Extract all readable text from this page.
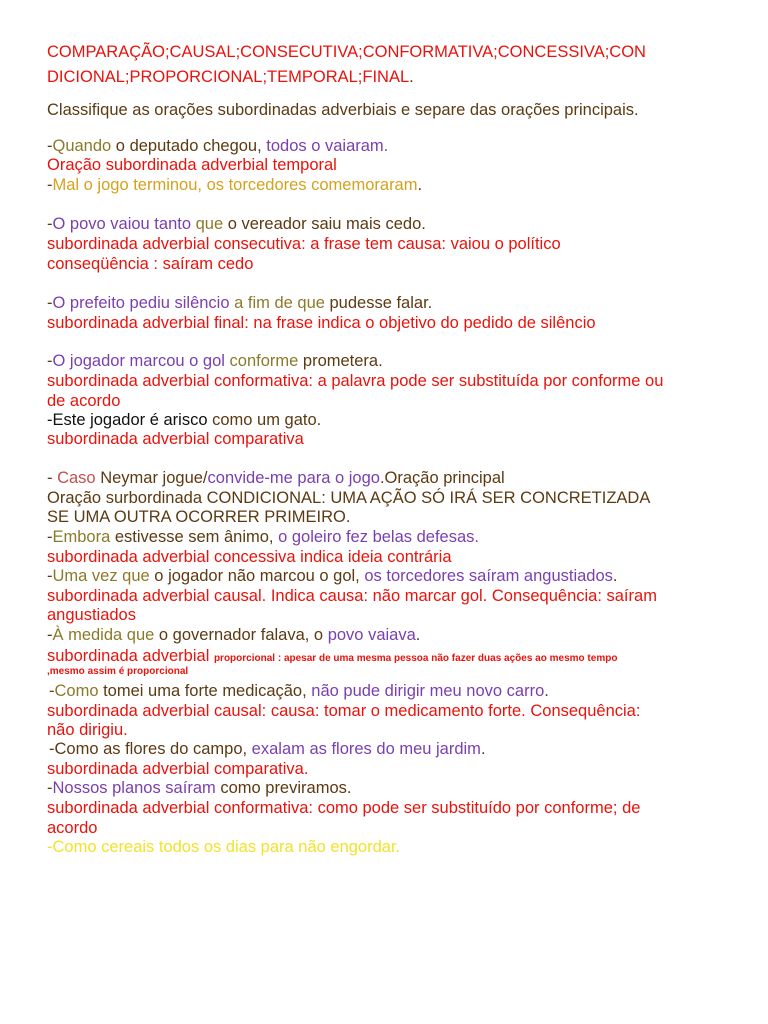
COMPARAÇÃO;CAUSAL;CONSECUTIVA;CONFORMATIVA;CONCESSIVA;CON
DICIONAL;PROPORCIONAL;TEMPORAL;FINAL.
Classifique as orações subordinadas adverbiais e separe das orações principais.
-Quando o deputado chegou, todos o vaiaram.
Oração subordinada adverbial temporal
-Mal o jogo terminou, os torcedores comemoraram.
-O povo vaiou tanto que o vereador saiu mais cedo.
subordinada adverbial consecutiva: a frase tem causa: vaiou o político
conseqüência : saíram cedo
-O prefeito pediu silêncio a fim de que pudesse falar.
subordinada adverbial final: na frase indica o objetivo do pedido de silêncio
-O jogador marcou o gol conforme prometera.
subordinada adverbial conformativa: a palavra pode ser substituída por conforme ou
de acordo
-Este jogador é arisco como um gato.
subordinada adverbial comparativa
- Caso Neymar jogue/convide-me para o jogo.Oração principal
Oração surbordinada CONDICIONAL: UMA AÇÃO SÓ IRÁ SER CONCRETIZADA
SE UMA OUTRA OCORRER PRIMEIRO.
-Embora estivesse sem ânimo, o goleiro fez belas defesas.
subordinada adverbial concessiva indica ideia contrária
-Uma vez que o jogador não marcou o gol, os torcedores saíram angustiados.
subordinada adverbial causal. Indica causa: não marcar gol. Consequência: saíram
angustiados
-À medida que o governador falava, o povo vaiava.
subordinada adverbial proporcional : apesar de uma mesma pessoa não fazer duas ações ao mesmo tempo
,mesmo assim é proporcional
-Como tomei uma forte medicação, não pude dirigir meu novo carro.
subordinada adverbial causal: causa: tomar o medicamento forte. Consequência:
não dirigiu.
-Como as flores do campo, exalam as flores do meu jardim.
subordinada adverbial comparativa.
-Nossos planos saíram como previramos.
subordinada adverbial conformativa: como pode ser substituído por conforme; de
acordo
-Como cereais todos os dias para não engordar.
